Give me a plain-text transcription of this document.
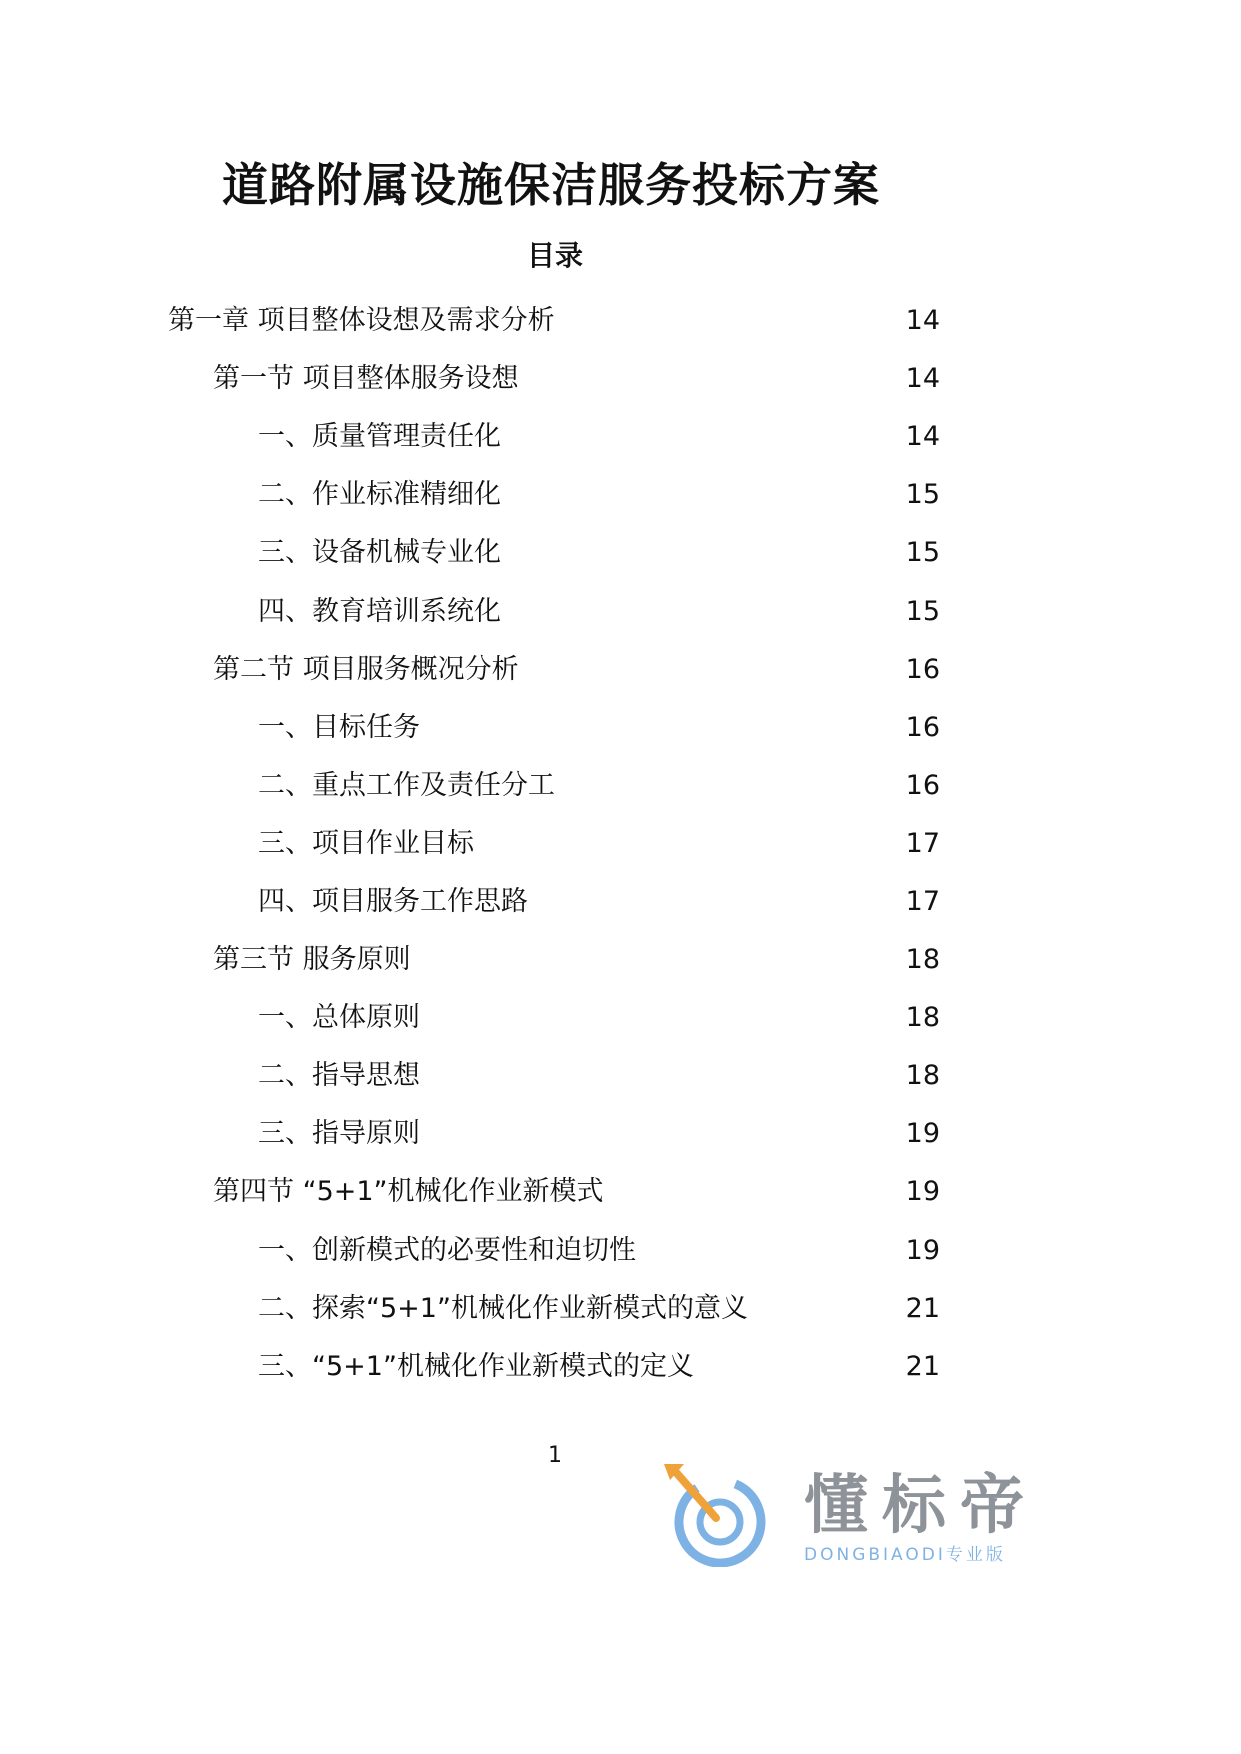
道路附属设施保洁服务投标方案
目录
第一章 项目整体设想及需求分析	14
第一节 项目整体服务设想	14
一、质量管理责任化	14
二、作业标准精细化	15
三、设备机械专业化	15
四、教育培训系统化	15
第二节 项目服务概况分析	16
一、目标任务	16
二、重点工作及责任分工	16
三、项目作业目标	17
四、项目服务工作思路	17
第三节 服务原则	18
一、总体原则	18
二、指导思想	18
三、指导原则	19
第四节 “5+1”机械化作业新模式	19
一、创新模式的必要性和迫切性	19
二、探索“5+1”机械化作业新模式的意义	21
三、“5+1”机械化作业新模式的定义	21
1
懂标帝
DONGBIAODI专业版
